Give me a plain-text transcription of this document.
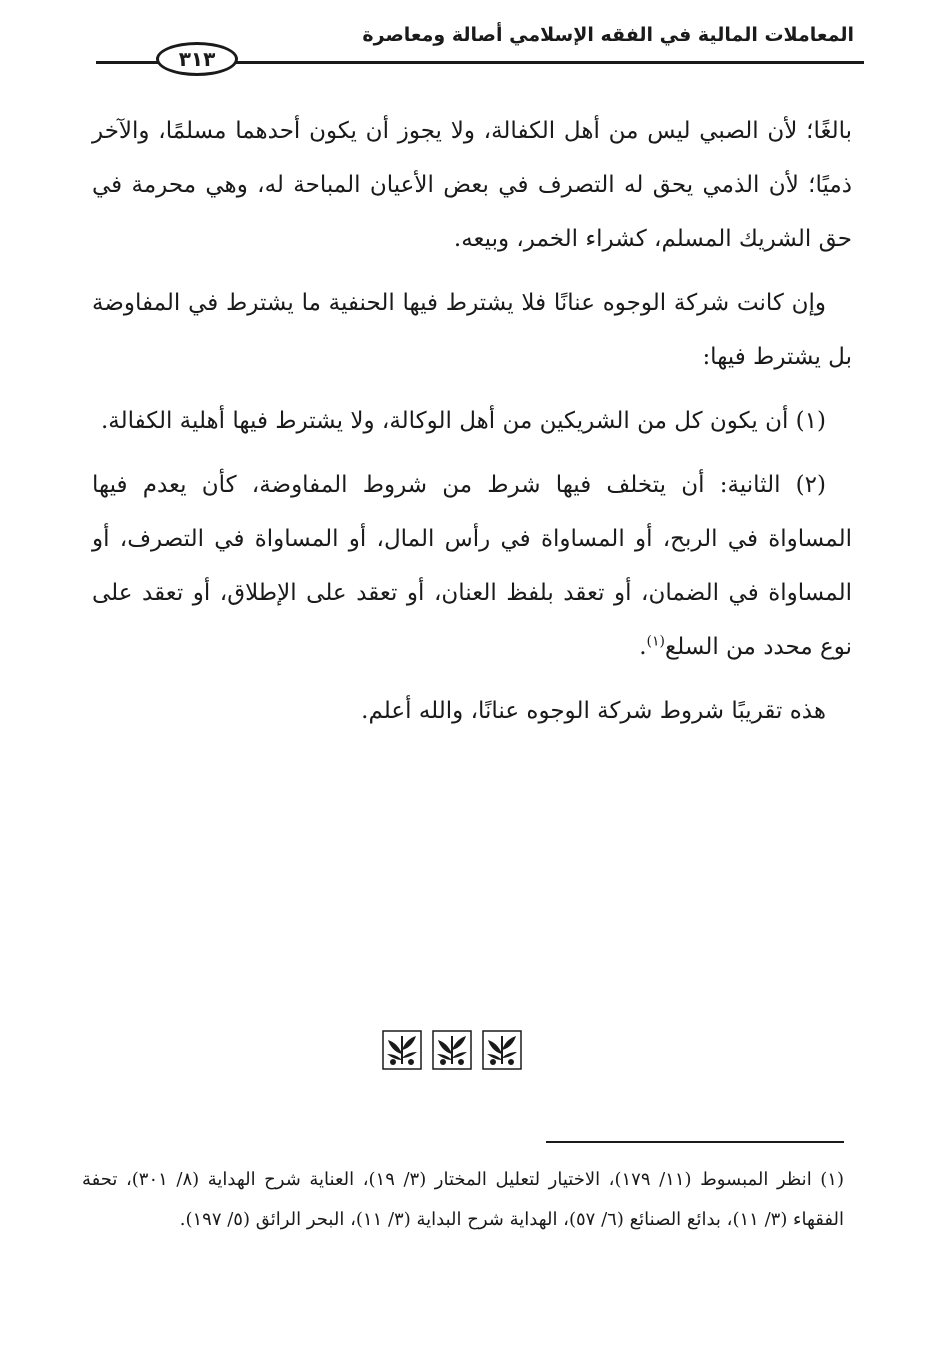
المعاملات المالية في الفقه الإسلامي أصالة ومعاصرة
٣١٣

بالغًا؛ لأن الصبي ليس من أهل الكفالة، ولا يجوز أن يكون أحدهما مسلمًا، والآخر ذميًا؛ لأن الذمي يحق له التصرف في بعض الأعيان المباحة له، وهي محرمة في حق الشريك المسلم، كشراء الخمر، وبيعه.

وإن كانت شركة الوجوه عنانًا فلا يشترط فيها الحنفية ما يشترط في المفاوضة بل يشترط فيها:

(١) أن يكون كل من الشريكين من أهل الوكالة، ولا يشترط فيها أهلية الكفالة.

(٢) الثانية: أن يتخلف فيها شرط من شروط المفاوضة، كأن يعدم فيها المساواة في الربح، أو المساواة في رأس المال، أو المساواة في التصرف، أو المساواة في الضمان، أو تعقد بلفظ العنان، أو تعقد على الإطلاق، أو تعقد على نوع محدد من السلع$^{(١)}$.

هذه تقريبًا شروط شركة الوجوه عنانًا، والله أعلم.

(١) انظر المبسوط (١١/ ١٧٩)، الاختيار لتعليل المختار (٣/ ١٩)، العناية شرح الهداية (٨/ ٣٠١)، تحفة الفقهاء (٣/ ١١)، بدائع الصنائع (٦/ ٥٧)، الهداية شرح البداية (٣/ ١١)، البحر الرائق (٥/ ١٩٧).
